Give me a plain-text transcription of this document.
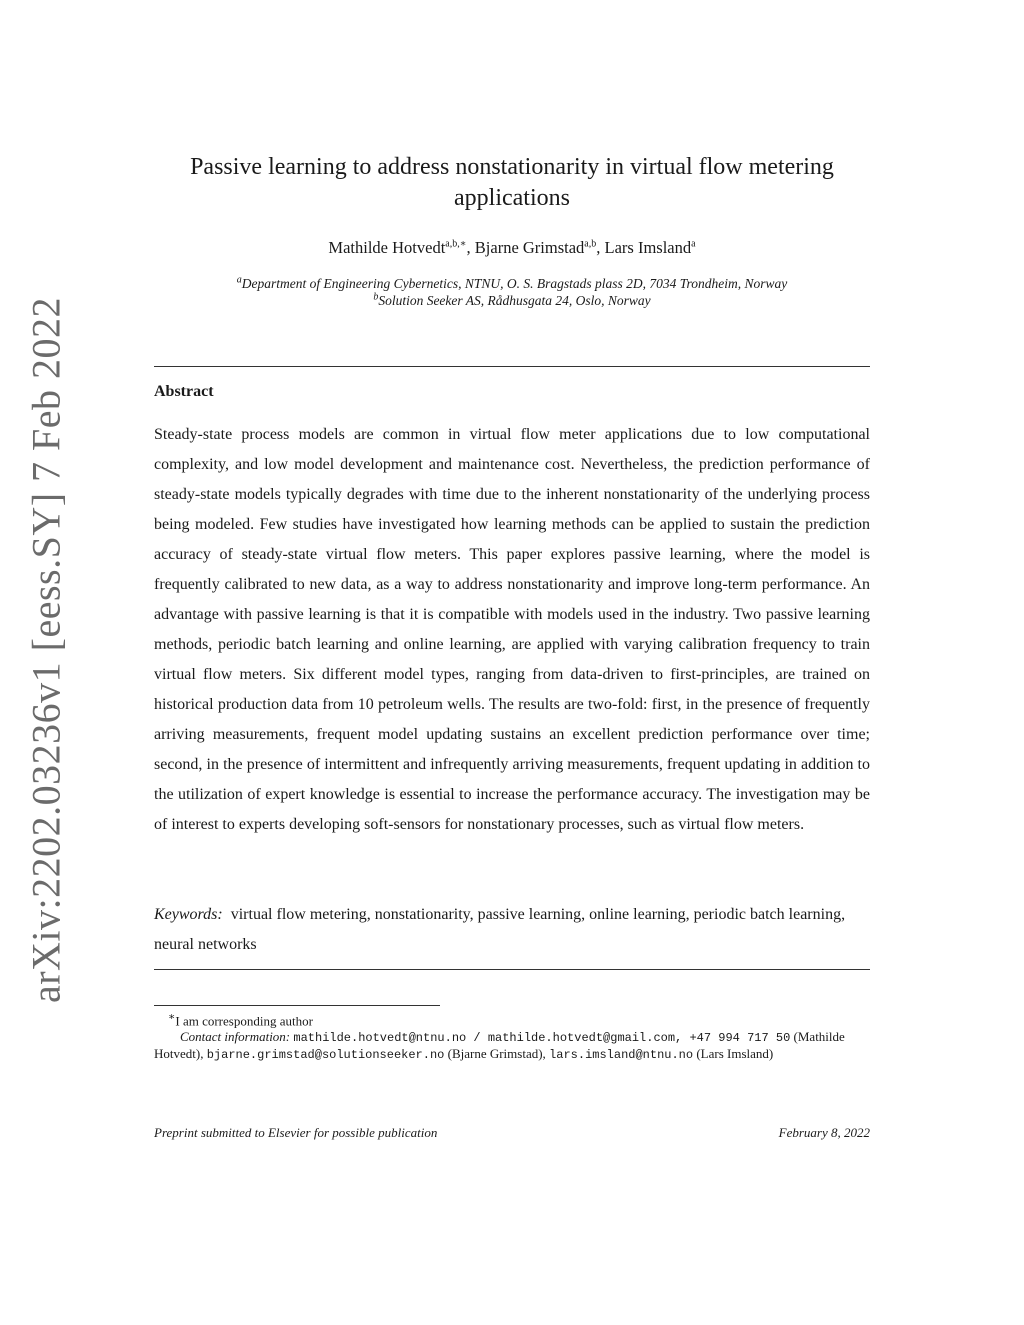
arXiv:2202.03236v1 [eess.SY] 7 Feb 2022
Passive learning to address nonstationarity in virtual flow metering applications
Mathilde Hotvedt$^{a,b,∗}$, Bjarne Grimstad$^{a,b}$, Lars Imsland$^a$
$^a$Department of Engineering Cybernetics, NTNU, O. S. Bragstads plass 2D, 7034 Trondheim, Norway
$^b$Solution Seeker AS, Rådhusgata 24, Oslo, Norway
Abstract
Steady-state process models are common in virtual flow meter applications due to low computational complexity, and low model development and maintenance cost. Nevertheless, the prediction performance of steady-state models typically degrades with time due to the inherent nonstationarity of the underlying process being modeled. Few studies have investigated how learning methods can be applied to sustain the prediction accuracy of steady-state virtual flow meters. This paper explores passive learning, where the model is frequently calibrated to new data, as a way to address nonstationarity and improve long-term performance. An advantage with passive learning is that it is compatible with models used in the industry. Two passive learning methods, periodic batch learning and online learning, are applied with varying calibration frequency to train virtual flow meters. Six different model types, ranging from data-driven to first-principles, are trained on historical production data from 10 petroleum wells. The results are two-fold: first, in the presence of frequently arriving measurements, frequent model updating sustains an excellent prediction performance over time; second, in the presence of intermittent and infrequently arriving measurements, frequent updating in addition to the utilization of expert knowledge is essential to increase the performance accuracy. The investigation may be of interest to experts developing soft-sensors for nonstationary processes, such as virtual flow meters.
Keywords: virtual flow metering, nonstationarity, passive learning, online learning, periodic batch learning, neural networks
∗I am corresponding author
Contact information: mathilde.hotvedt@ntnu.no / mathilde.hotvedt@gmail.com, +47 994 717 50 (Mathilde Hotvedt), bjarne.grimstad@solutionseeker.no (Bjarne Grimstad), lars.imsland@ntnu.no (Lars Imsland)
Preprint submitted to Elsevier for possible publication	February 8, 2022
